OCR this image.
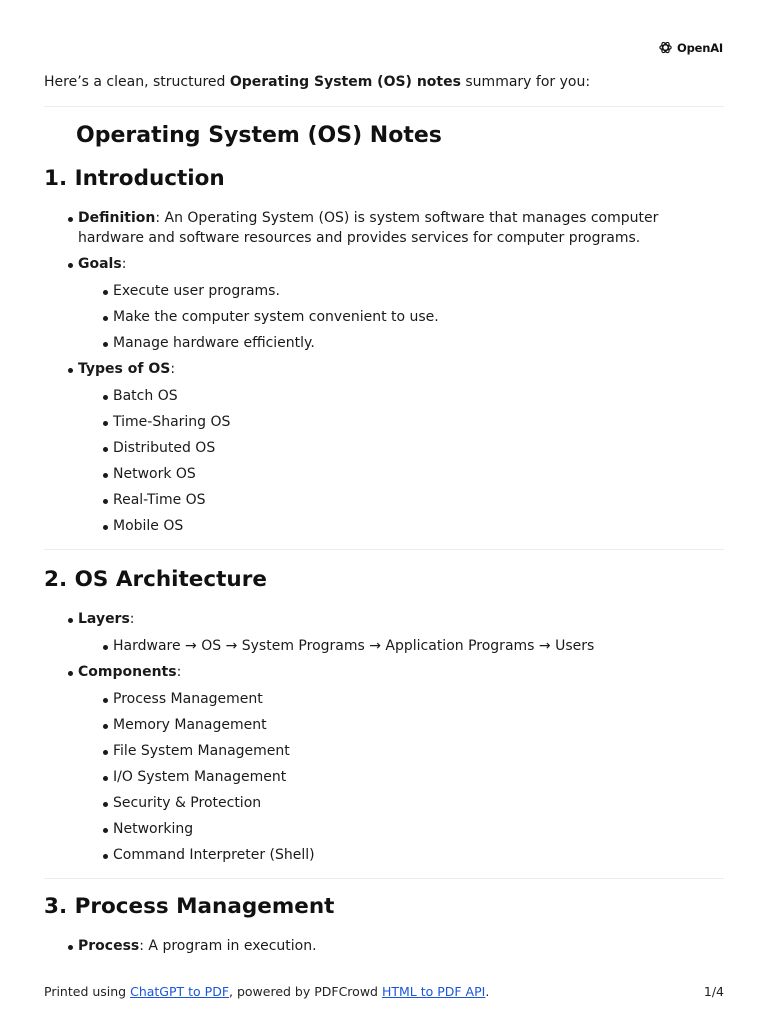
OpenAI
Here’s a clean, structured Operating System (OS) notes summary for you:
Operating System (OS) Notes
1. Introduction
Definition: An Operating System (OS) is system software that manages computer hardware and software resources and provides services for computer programs.
Goals:
Execute user programs.
Make the computer system convenient to use.
Manage hardware efficiently.
Types of OS:
Batch OS
Time-Sharing OS
Distributed OS
Network OS
Real-Time OS
Mobile OS
2. OS Architecture
Layers:
Hardware → OS → System Programs → Application Programs → Users
Components:
Process Management
Memory Management
File System Management
I/O System Management
Security & Protection
Networking
Command Interpreter (Shell)
3. Process Management
Process: A program in execution.
Printed using ChatGPT to PDF, powered by PDFCrowd HTML to PDF API.	1/4
